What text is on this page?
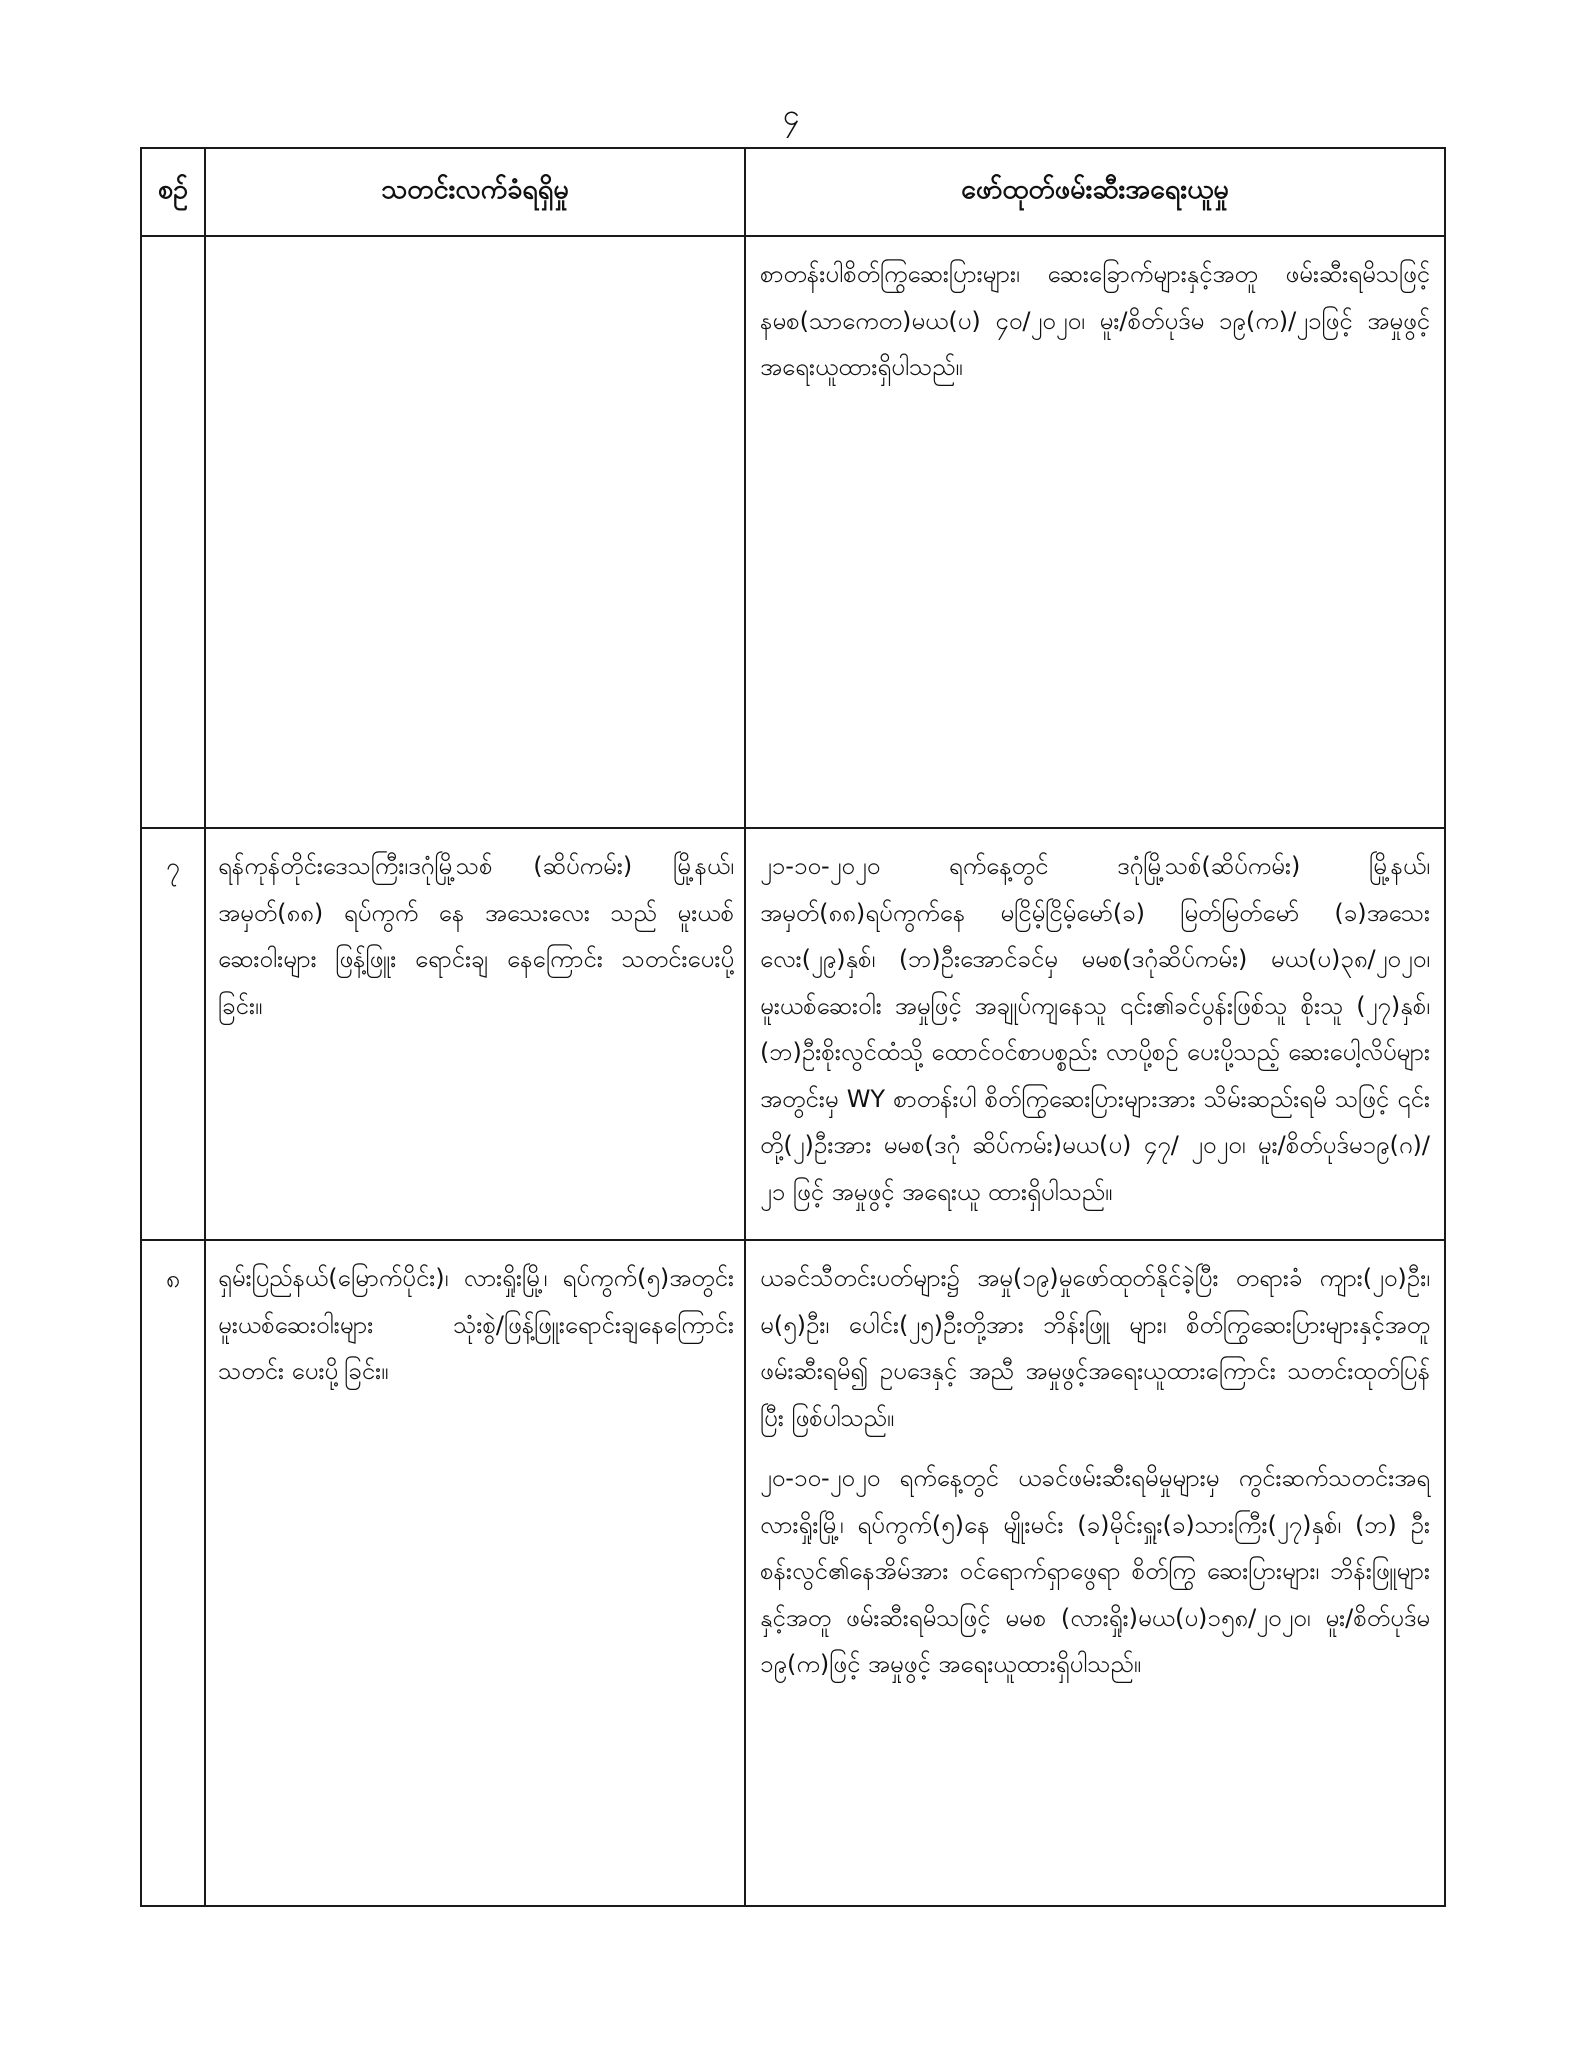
၄
စဉ်	သတင်းလက်ခံရရှိမှု	ဖော်ထုတ်ဖမ်းဆီးအရေးယူမှု

		စာတန်းပါစိတ်ကြွဆေးပြားများ၊ ဆေးခြောက်များနှင့်အတူ ဖမ်းဆီးရမိသဖြင့် နမစ(သာကေတ)မယ(ပ) ၄၀/၂၀၂၀၊ မူး/စိတ်ပုဒ်မ ၁၉(က)/၂၁ဖြင့် အမှုဖွင့်အရေးယူထားရှိပါသည်။

၇	ရန်ကုန်တိုင်းဒေသကြီး၊ဒဂုံမြို့သစ် (ဆိပ်ကမ်း) မြို့နယ်၊အမှတ်(၈၈) ရပ်ကွက် နေ အသေးလေး သည် မူးယစ်ဆေးဝါးများ ဖြန့်ဖြူး ရောင်းချ နေကြောင်း သတင်းပေးပို့ခြင်း။	၂၁-၁၀-၂၀၂၀ ရက်နေ့တွင် ဒဂုံမြို့သစ်(ဆိပ်ကမ်း) မြို့နယ်၊ အမှတ်(၈၈)ရပ်ကွက်နေ မငြိမ့်ငြိမ့်မော်(ခ) မြတ်မြတ်မော် (ခ)အသေးလေး(၂၉)နှစ်၊ (ဘ)ဦးအောင်ခင်မှ မမစ(ဒဂုံဆိပ်ကမ်း) မယ(ပ)၃၈/၂၀၂၀၊ မူးယစ်ဆေးဝါး အမှုဖြင့် အချုပ်ကျနေသူ ၎င်း၏ခင်ပွန်းဖြစ်သူ စိုးသူ (၂၇)နှစ်၊ (ဘ)ဦးစိုးလွင်ထံသို့ ထောင်ဝင်စာပစ္စည်း လာပို့စဉ် ပေးပို့သည့် ဆေးပေါ့လိပ်များအတွင်းမှ WY စာတန်းပါ စိတ်ကြွဆေးပြားများအား သိမ်းဆည်းရမိ သဖြင့် ၎င်းတို့(၂)ဦးအား မမစ(ဒဂုံ ဆိပ်ကမ်း)မယ(ပ) ၄၇/ ၂၀၂၀၊ မူး/စိတ်ပုဒ်မ၁၉(ဂ)/၂၁ ဖြင့် အမှုဖွင့် အရေးယူ ထားရှိပါသည်။

၈	ရှမ်းပြည်နယ်(မြောက်ပိုင်း)၊ လားရှိုးမြို့၊ ရပ်ကွက်(၅)အတွင်း မူးယစ်ဆေးဝါးများ သုံးစွဲ/ဖြန့်ဖြူးရောင်းချနေကြောင်း သတင်း ပေးပို့ခြင်း။	ယခင်သီတင်းပတ်များ၌ အမှု(၁၉)မှုဖော်ထုတ်နိုင်ခဲ့ပြီး တရားခံ ကျား(၂၀)ဦး၊ မ(၅)ဦး၊ ပေါင်း(၂၅)ဦးတို့အား ဘိန်းဖြူ များ၊ စိတ်ကြွဆေးပြားများနှင့်အတူ ဖမ်းဆီးရမိ၍ ဥပဒေနှင့် အညီ အမှုဖွင့်အရေးယူထားကြောင်း သတင်းထုတ်ပြန်ပြီး ဖြစ်ပါသည်။

၂၀-၁၀-၂၀၂၀ ရက်နေ့တွင် ယခင်ဖမ်းဆီးရမိမှုများမှ ကွင်းဆက်သတင်းအရ လားရှိုးမြို့၊ ရပ်ကွက်(၅)နေ မျိုးမင်း (ခ)မိုင်းရှူး(ခ)သားကြီး(၂၇)နှစ်၊ (ဘ) ဦးစန်းလွင်၏နေအိမ်အား ဝင်ရောက်ရှာဖွေရာ စိတ်ကြွ ဆေးပြားများ၊ ဘိန်းဖြူများနှင့်အတူ ဖမ်းဆီးရမိသဖြင့် မမစ (လားရှိုး)မယ(ပ)၁၅၈/၂၀၂၀၊ မူး/စိတ်ပုဒ်မ ၁၉(က)ဖြင့် အမှုဖွင့် အရေးယူထားရှိပါသည်။
